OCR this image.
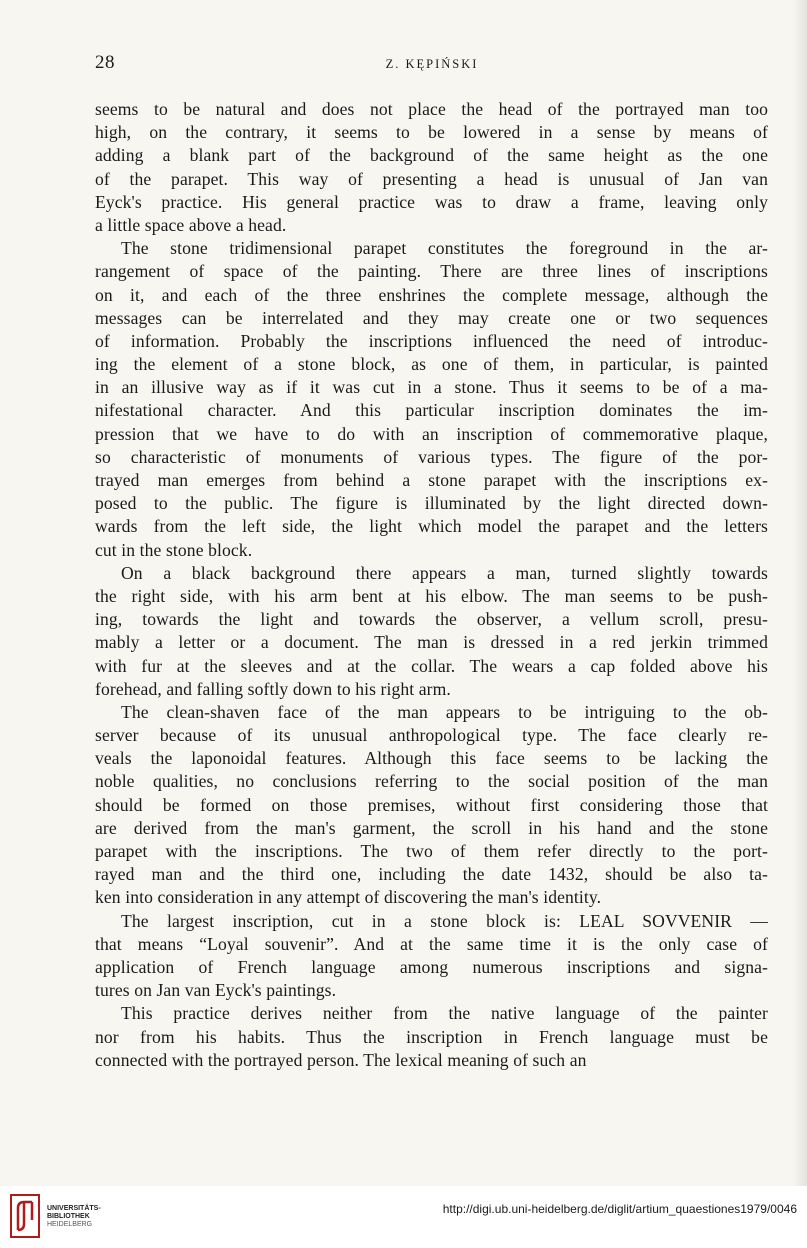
28	Z. KĘPIŃSKI
seems to be natural and does not place the head of the portrayed man too
high, on the contrary, it seems to be lowered in a sense by means of
adding a blank part of the background of the same height as the one
of the parapet. This way of presenting a head is unusual of Jan van
Eyck's practice. His general practice was to draw a frame, leaving only
a little space above a head.
The stone tridimensional parapet constitutes the foreground in the ar-
rangement of space of the painting. There are three lines of inscriptions
on it, and each of the three enshrines the complete message, although the
messages can be interrelated and they may create one or two sequences
of information. Probably the inscriptions influenced the need of introduc-
ing the element of a stone block, as one of them, in particular, is painted
in an illusive way as if it was cut in a stone. Thus it seems to be of a ma-
nifestational character. And this particular inscription dominates the im-
pression that we have to do with an inscription of commemorative plaque,
so characteristic of monuments of various types. The figure of the por-
trayed man emerges from behind a stone parapet with the inscriptions ex-
posed to the public. The figure is illuminated by the light directed down-
wards from the left side, the light which model the parapet and the letters
cut in the stone block.
On a black background there appears a man, turned slightly towards
the right side, with his arm bent at his elbow. The man seems to be push-
ing, towards the light and towards the observer, a vellum scroll, presu-
mably a letter or a document. The man is dressed in a red jerkin trimmed
with fur at the sleeves and at the collar. The wears a cap folded above his
forehead, and falling softly down to his right arm.
The clean-shaven face of the man appears to be intriguing to the ob-
server because of its unusual anthropological type. The face clearly re-
veals the laponoidal features. Although this face seems to be lacking the
noble qualities, no conclusions referring to the social position of the man
should be formed on those premises, without first considering those that
are derived from the man's garment, the scroll in his hand and the stone
parapet with the inscriptions. The two of them refer directly to the port-
rayed man and the third one, including the date 1432, should be also ta-
ken into consideration in any attempt of discovering the man's identity.
The largest inscription, cut in a stone block is: LEAL SOVVENIR —
that means “Loyal souvenir”. And at the same time it is the only case of
application of French language among numerous inscriptions and signa-
tures on Jan van Eyck's paintings.
This practice derives neither from the native language of the painter
nor from his habits. Thus the inscription in French language must be
connected with the portrayed person. The lexical meaning of such an
UNIVERSITÄTS-
BIBLIOTHEK
HEIDELBERG
http://digi.ub.uni-heidelberg.de/diglit/artium_quaestiones1979/0046
